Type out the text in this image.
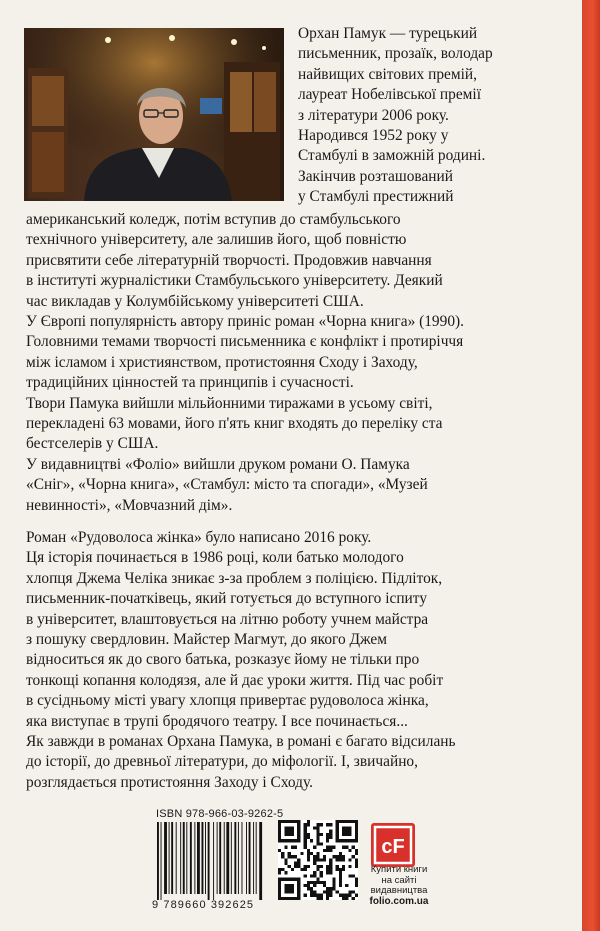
Орхан Памук — турецький

письменник, прозаїк, володар

найвищих світових премій,

лауреат Нобелівської премії

з літератури 2006 року.

Народився 1952 року у

Стамбулі в заможній родині.

Закінчив розташований

у Стамбулі престижний

американський коледж, потім вступив до стамбульського

технічного університету, але залишив його, щоб повністю

присвятити себе літературній творчості. Продовжив навчання

в інституті журналістики Стамбульського університету. Деякий

час викладав у Колумбійському університеті США.

У Європі популярність автору приніс роман «Чорна книга» (1990).

Головними темами творчості письменника є конфлікт і протиріччя

між ісламом і християнством, протистояння Сходу і Заходу,

традиційних цінностей та принципів і сучасності.

Твори Памука вийшли мільйонними тиражами в усьому світі,

перекладені 63 мовами, його п'ять книг входять до переліку ста

бестселерів у США.

У видавництві «Фоліо» вийшли друком романи О. Памука

«Сніг», «Чорна книга», «Стамбул: місто та спогади», «Музей

невинності», «Мовчазний дім».

Роман «Рудоволоса жінка» було написано 2016 року.

Ця історія починається в 1986 році, коли батько молодого

хлопця Джема Челіка зникає з-за проблем з поліцією. Підліток,

письменник-початківець, який готується до вступного іспиту

в університет, влаштовується на літню роботу учнем майстра

з пошуку свердловин. Майстер Магмут, до якого Джем

відноситься як до свого батька, розказує йому не тільки про

тонкощі копання колодязя, але й дає уроки життя. Під час робіт

в сусідньому місті увагу хлопця привертає рудоволоса жінка,

яка виступає в трупі бродячого театру. І все починається...

Як завжди в романах Орхана Памука, в романі є багато відсилань

до історії, до древньої літератури, до міфології. І, звичайно,

розглядається протистояння Заходу і Сходу.

ISBN 978-966-03-9262-5
9 789660 392625
cF
Купити книги
на сайті
видавництва
folio.com.ua
